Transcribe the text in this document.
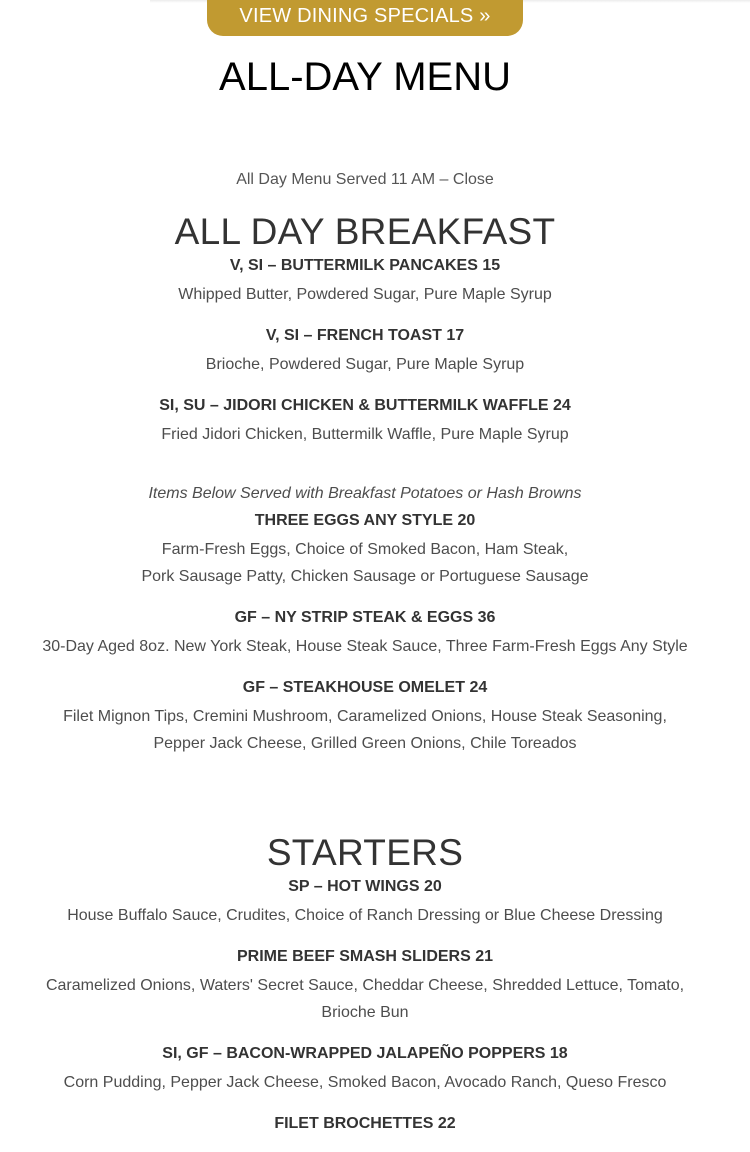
VIEW DINING SPECIALS »
ALL-DAY MENU

All Day Menu Served 11 AM – Close

ALL DAY BREAKFAST
V, SI – BUTTERMILK PANCAKES 15

Whipped Butter, Powdered Sugar, Pure Maple Syrup

V, SI – FRENCH TOAST 17

Brioche, Powdered Sugar, Pure Maple Syrup

SI, SU – JIDORI CHICKEN & BUTTERMILK WAFFLE 24

Fried Jidori Chicken, Buttermilk Waffle, Pure Maple Syrup

Items Below Served with Breakfast Potatoes or Hash Browns

THREE EGGS ANY STYLE 20

Farm-Fresh Eggs, Choice of Smoked Bacon, Ham Steak,
Pork Sausage Patty, Chicken Sausage or Portuguese Sausage

GF – NY STRIP STEAK & EGGS 36

30-Day Aged 8oz. New York Steak, House Steak Sauce, Three Farm-Fresh Eggs Any Style

GF – STEAKHOUSE OMELET 24

Filet Mignon Tips, Cremini Mushroom, Caramelized Onions, House Steak Seasoning,
Pepper Jack Cheese, Grilled Green Onions, Chile Toreados

STARTERS
SP – HOT WINGS 20

House Buffalo Sauce, Crudites, Choice of Ranch Dressing or Blue Cheese Dressing

PRIME BEEF SMASH SLIDERS 21

Caramelized Onions, Waters' Secret Sauce, Cheddar Cheese, Shredded Lettuce, Tomato,
Brioche Bun

SI, GF – BACON-WRAPPED JALAPEÑO POPPERS 18

Corn Pudding, Pepper Jack Cheese, Smoked Bacon, Avocado Ranch, Queso Fresco

FILET BROCHETTES 22
